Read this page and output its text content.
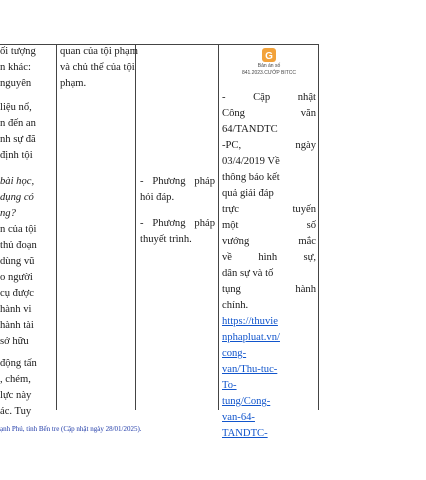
ối tượng
n khác:
nguyên
liệu nổ,
n đến an
nh sự đã
định tội
bài học,
dụng có
ng?
n của tội
thủ đoạn
dùng vũ
o người
cụ được
hành vi
hành tài
sở hữu
động tấn
, chém,
lực này
ác. Tuy
quan của tội phạm
và chủ thể của tội
phạm.
- Phương pháp
hỏi đáp.
- Phương pháp
thuyết trình.
G
Bản án số
841.2023.CƯỚP BITCC
- Cập nhật
Công văn
64/TANDTC
-PC, ngày
03/4/2019 Về
thông báo kết
quả giải đáp
trực tuyến
một số
vướng mắc
về hình sự,
dân sự và tố
tụng hành
chính.
https://thuvie
nphapluat.vn/
cong-
van/Thu-tuc-
To-
tung/Cong-
van-64-
TANDTC-
ạnh Phú, tỉnh Bến tre (Cập nhật ngày 28/01/2025).
